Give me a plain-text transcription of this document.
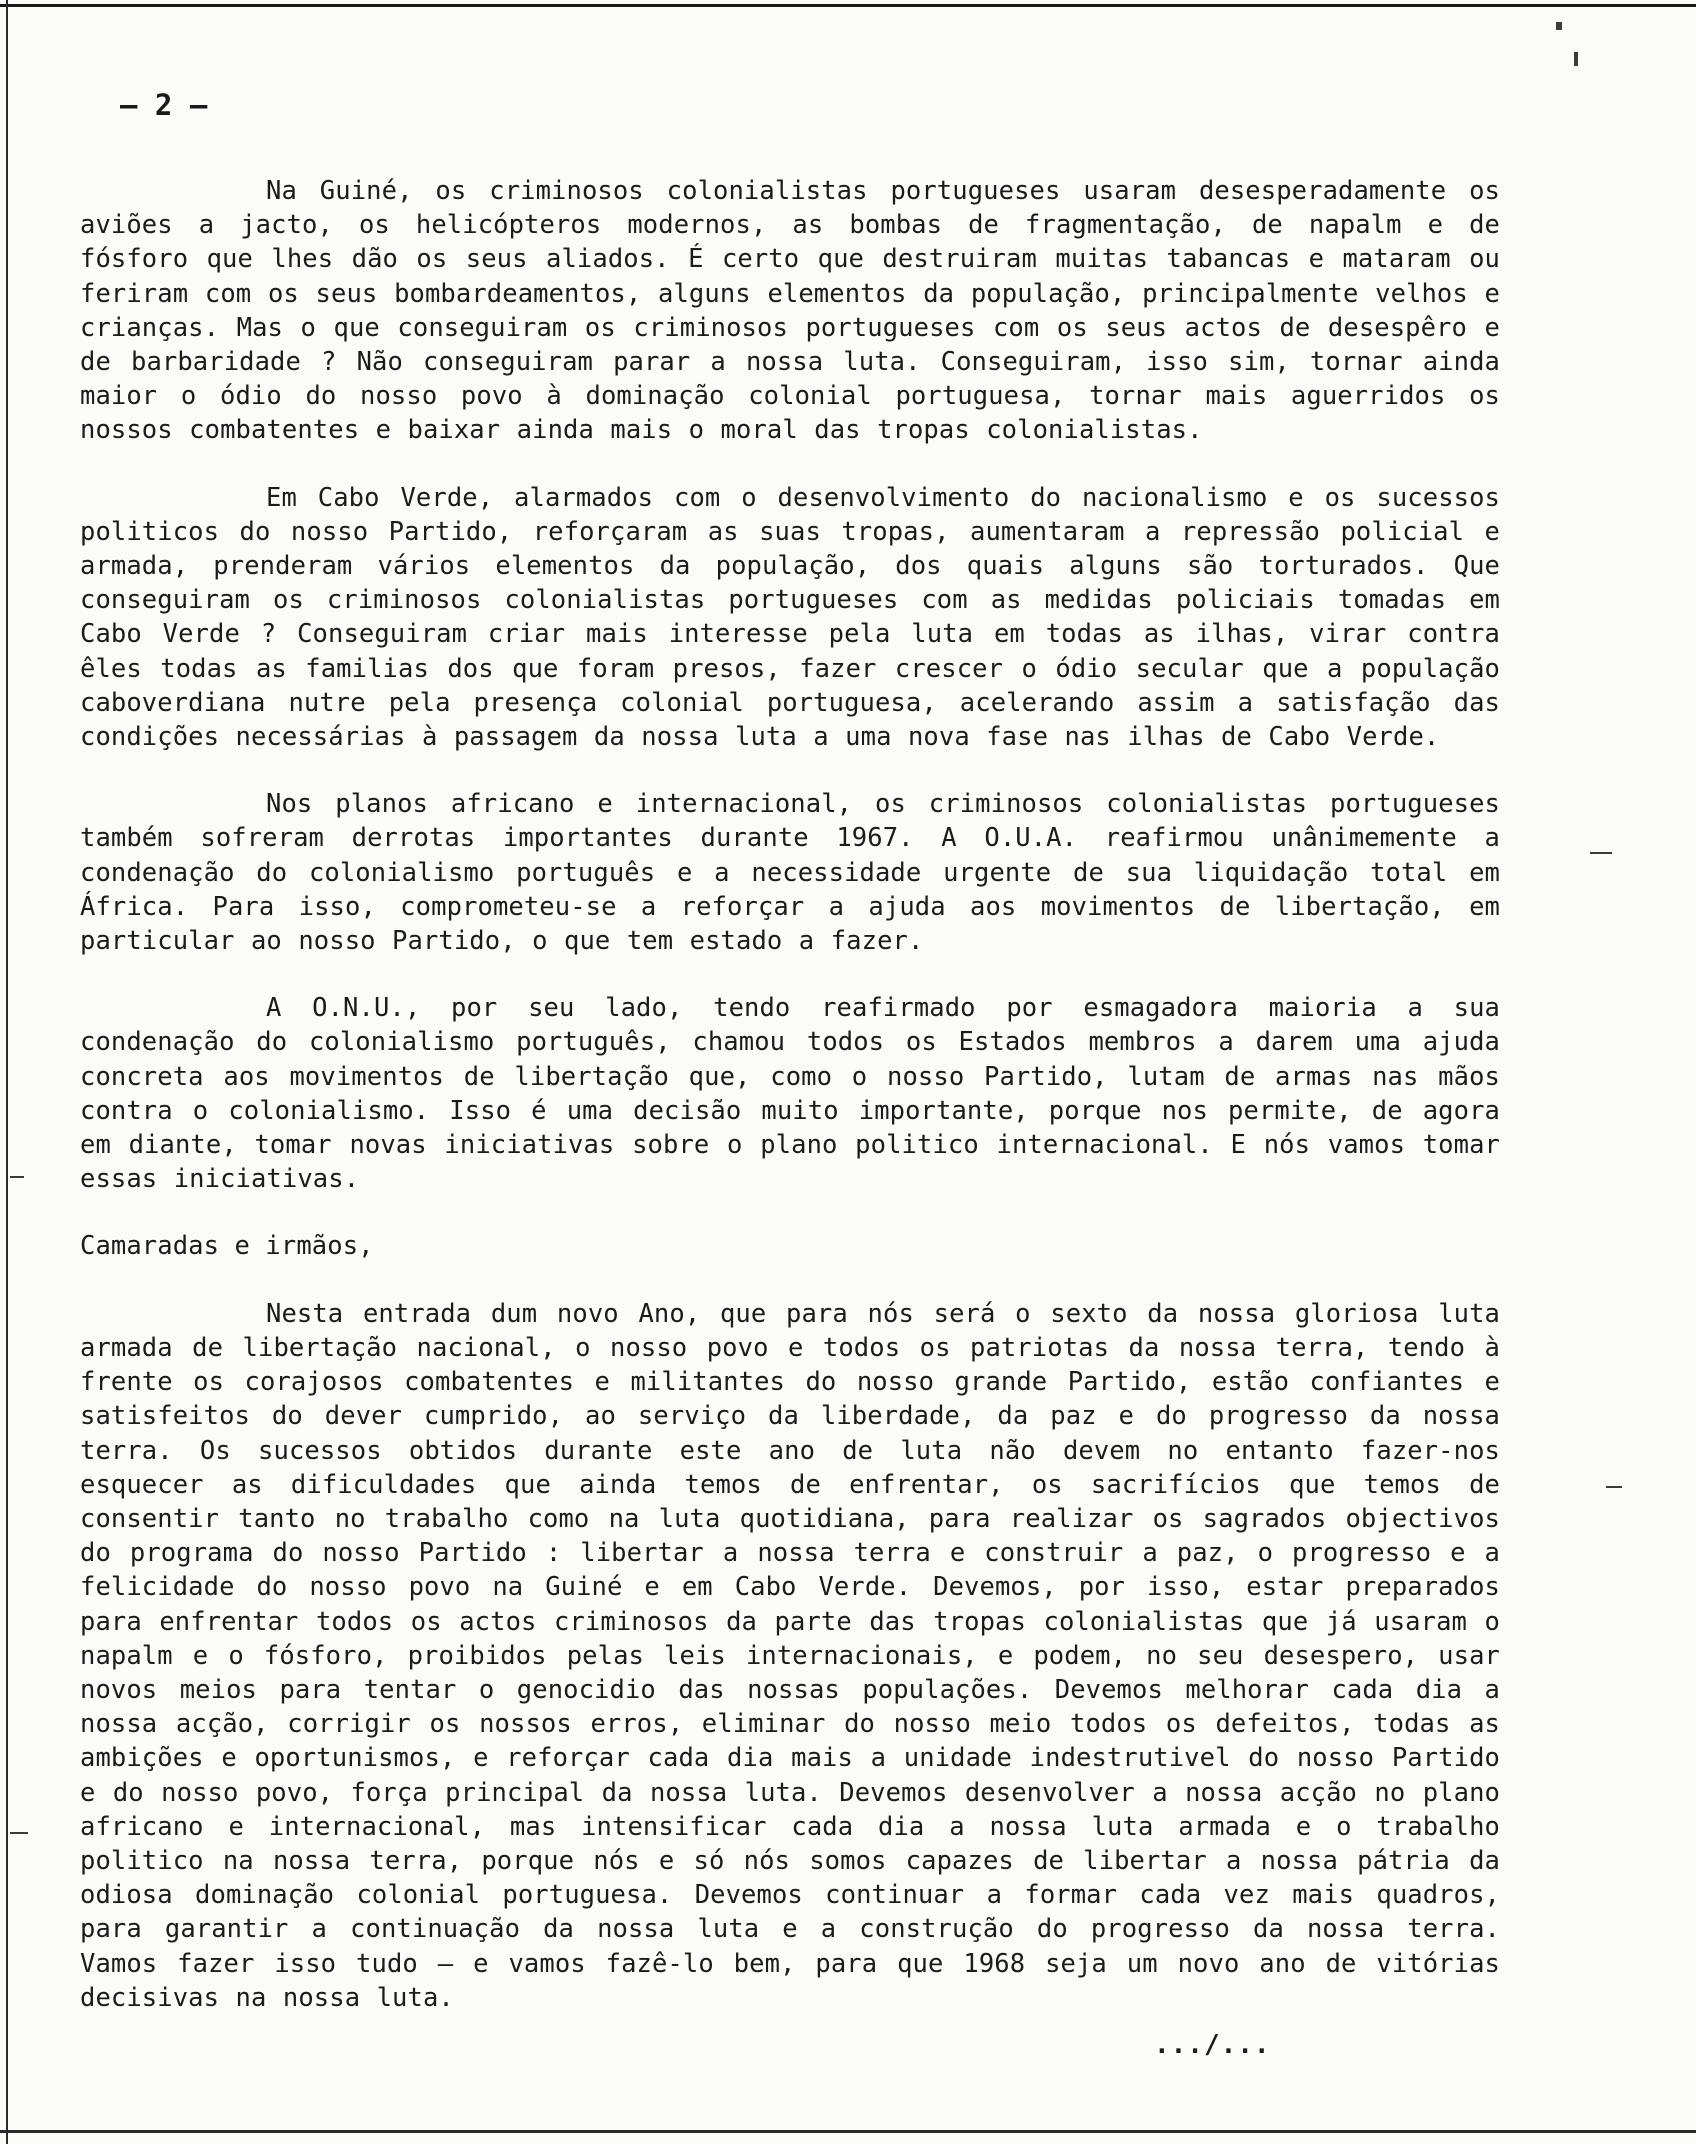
– 2 –

Na Guiné, os criminosos colonialistas portugueses usaram desesperadamente os aviões a jacto, os helicópteros modernos, as bombas de fragmentação, de napalm e de fósforo que lhes dão os seus aliados. É certo que destruiram muitas tabancas e mataram ou feriram com os seus bombardeamentos, alguns elementos da população, principalmente velhos e crianças. Mas o que conseguiram os criminosos portugueses com os seus actos de desespêro e de barbaridade ? Não conseguiram parar a nossa luta. Conseguiram, isso sim, tornar ainda maior o ódio do nosso povo à dominação colonial portuguesa, tornar mais aguerridos os nossos combatentes e baixar ainda mais o moral das tropas colonialistas.

Em Cabo Verde, alarmados com o desenvolvimento do nacionalismo e os sucessos politicos do nosso Partido, reforçaram as suas tropas, aumentaram a repressão policial e armada, prenderam vários elementos da população, dos quais alguns são torturados. Que conseguiram os criminosos colonialistas portugueses com as medidas policiais tomadas em Cabo Verde ? Conseguiram criar mais interesse pela luta em todas as ilhas, virar contra êles todas as familias dos que foram presos, fazer crescer o ódio secular que a população caboverdiana nutre pela presença colonial portuguesa, acelerando assim a satisfação das condições necessárias à passagem da nossa luta a uma nova fase nas ilhas de Cabo Verde.

Nos planos africano e internacional, os criminosos colonialistas portugueses também sofreram derrotas importantes durante 1967. A O.U.A. reafirmou unânimemente a condenação do colonialismo português e a necessidade urgente de sua liquidação total em África. Para isso, comprometeu-se a reforçar a ajuda aos movimentos de libertação, em particular ao nosso Partido, o que tem estado a fazer.

A O.N.U., por seu lado, tendo reafirmado por esmagadora maioria a sua condenação do colonialismo português, chamou todos os Estados membros a darem uma ajuda concreta aos movimentos de libertação que, como o nosso Partido, lutam de armas nas mãos contra o colonialismo. Isso é uma decisão muito importante, porque nos permite, de agora em diante, tomar novas iniciativas sobre o plano politico internacional. E nós vamos tomar essas iniciativas.

Camaradas e irmãos,

Nesta entrada dum novo Ano, que para nós será o sexto da nossa gloriosa luta armada de libertação nacional, o nosso povo e todos os patriotas da nossa terra, tendo à frente os corajosos combatentes e militantes do nosso grande Partido, estão confiantes e satisfeitos do dever cumprido, ao serviço da liberdade, da paz e do progresso da nossa terra. Os sucessos obtidos durante este ano de luta não devem no entanto fazer-nos esquecer as dificuldades que ainda temos de enfrentar, os sacrifícios que temos de consentir tanto no trabalho como na luta quotidiana, para realizar os sagrados objectivos do programa do nosso Partido : libertar a nossa terra e construir a paz, o progresso e a felicidade do nosso povo na Guiné e em Cabo Verde. Devemos, por isso, estar preparados para enfrentar todos os actos criminosos da parte das tropas colonialistas que já usaram o napalm e o fósforo, proibidos pelas leis internacionais, e podem, no seu desespero, usar novos meios para tentar o genocidio das nossas populações. Devemos melhorar cada dia a nossa acção, corrigir os nossos erros, eliminar do nosso meio todos os defeitos, todas as ambições e oportunismos, e reforçar cada dia mais a unidade indestrutivel do nosso Partido e do nosso povo, força principal da nossa luta. Devemos desenvolver a nossa acção no plano africano e internacional, mas intensificar cada dia a nossa luta armada e o trabalho politico na nossa terra, porque nós e só nós somos capazes de libertar a nossa pátria da odiosa dominação colonial portuguesa. Devemos continuar a formar cada vez mais quadros, para garantir a continuação da nossa luta e a construção do progresso da nossa terra. Vamos fazer isso tudo – e vamos fazê-lo bem, para que 1968 seja um novo ano de vitórias decisivas na nossa luta.

.../...
